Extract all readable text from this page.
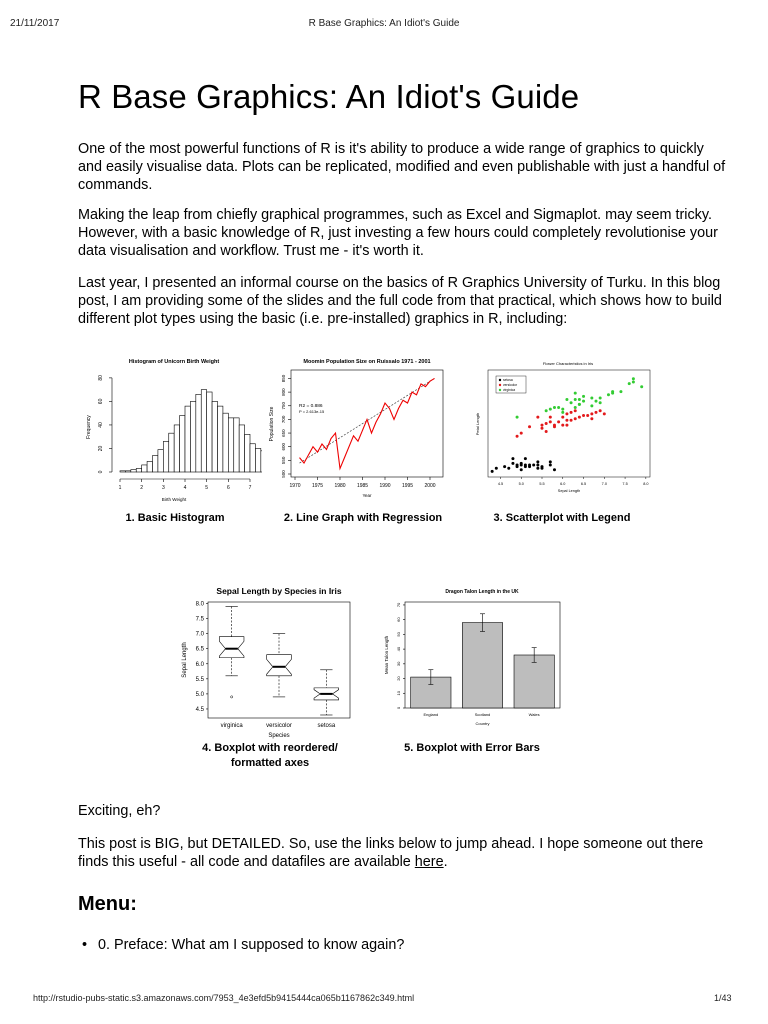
21/11/2017	R Base Graphics: An Idiot's Guide
R Base Graphics: An Idiot's Guide

One of the most powerful functions of R is it's ability to produce a wide range of graphics to quickly and easily visualise data. Plots can be replicated, modified and even publishable with just a handful of commands.

Making the leap from chiefly graphical programmes, such as Excel and Sigmaplot. may seem tricky. However, with a basic knowledge of R, just investing a few hours could completely revolutionise your data visualisation and workflow. Trust me - it's worth it.

Last year, I presented an informal course on the basics of R Graphics University of Turku. In this blog post, I am providing some of the slides and the full code from that practical, which shows how to build different plot types using the basic (i.e. pre-installed) graphics in R, including:

Histogram of Unicorn Birth Weight
1	2	3	4	5	6	7
0
20
40
60
80
Birth Weight
Frequency
1. Basic Histogram
Moomin Population Size on Ruissalo 1971 - 2001
1970 1975 1980 1985 1990 1995 2000
500
550
600
650
700
750
800
850
R2 = 0.886
P = 2.613e-15
Year
Population Size
2. Line Graph with Regression
Flower Characteristics in Iris
4.5	5.0	5.5	6.0	6.5	7.0	7.5	8.0
setosa
versicolor
virginica
Sepal Length
Petal Length
3. Scatterplot with Legend
Sepal Length by Species in Iris
4.5
5.0
5.5
6.0
6.5
7.0
7.5
8.0
virginica	versicolor	setosa
Species
Sepal Length
4. Boxplot with reordered/
formatted axes
Dragon Talon Length in the UK
0
10
20
30
40
50
60
70
England	Scotland	Wales
Country
Mean Talon Length
5. Boxplot with Error Bars

Exciting, eh?

This post is BIG, but DETAILED. So, use the links below to jump ahead. I hope someone out there finds this useful - all code and datafiles are available here.

Menu:
• 0. Preface: What am I supposed to know again?
http://rstudio-pubs-static.s3.amazonaws.com/7953_4e3efd5b9415444ca065b1167862c349.html	1/43
